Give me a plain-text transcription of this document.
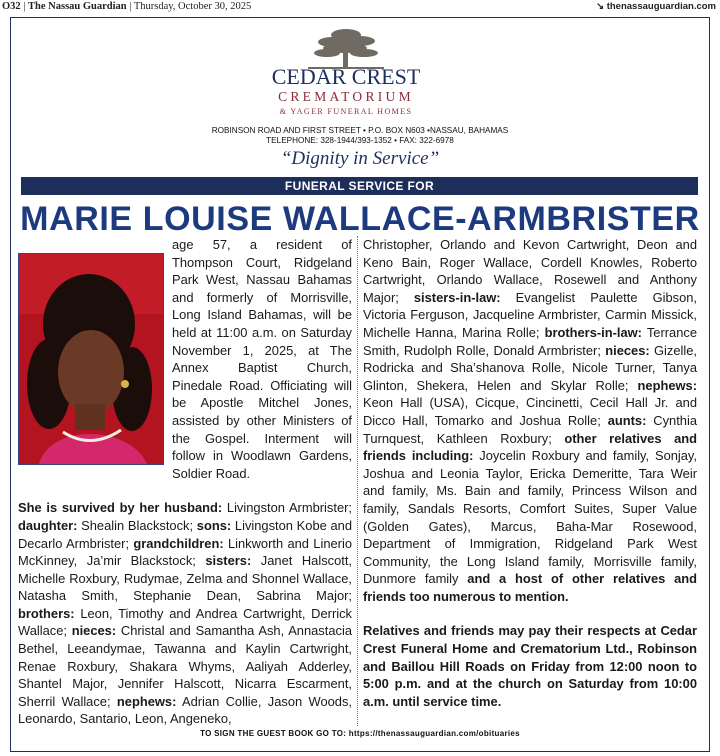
O32 | The Nassau Guardian | Thursday, October 30, 2025	↘ thenassauguardian.com
CEDAR CREST
CREMATORIUM
& YAGER FUNERAL HOMES
ROBINSON ROAD AND FIRST STREET • P.O. BOX N603 •NASSAU, BAHAMAS
TELEPHONE: 328-1944/393-1352 • FAX: 322-6978
“Dignity in Service”
FUNERAL SERVICE FOR
MARIE LOUISE WALLACE-ARMBRISTER

age 57, a resident of Thompson Court, Ridgeland Park West, Nassau Bahamas and formerly of Morrisville, Long Island Bahamas, will be held at 11:00 a.m. on Saturday November 1, 2025, at The Annex Baptist Church, Pinedale Road. Officiating will be Apostle Mitchel Jones, assisted by other Ministers of the Gospel. Interment will follow in Woodlawn Gardens, Soldier Road.

She is survived by her husband: Livingston Armbrister; daughter: Shealin Blackstock; sons: Livingston Kobe and Decarlo Armbrister; grandchildren: Linkworth and Linerio McKinney, Ja’mir Blackstock; sisters: Janet Halscott, Michelle Roxbury, Rudymae, Zelma and Shonnel Wallace, Natasha Smith, Stephanie Dean, Sabrina Major; brothers: Leon, Timothy and Andrea Cartwright, Derrick Wallace; nieces: Christal and Samantha Ash, Annastacia Bethel, Leeandymae, Tawanna and Kaylin Cartwright, Renae Roxbury, Shakara Whyms, Aaliyah Adderley, Shantel Major, Jennifer Halscott, Nicarra Escarment, Sherril Wallace; nephews: Adrian Collie, Jason Woods, Leonardo, Santario, Leon, Angeneko,

Christopher, Orlando and Kevon Cartwright, Deon and Keno Bain, Roger Wallace, Cordell Knowles, Roberto Cartwright, Orlando Wallace, Rosewell and Anthony Major; sisters-in-law: Evangelist Paulette Gibson, Victoria Ferguson, Jacqueline Armbrister, Carmin Missick, Michelle Hanna, Marina Rolle; brothers-in-law: Terrance Smith, Rudolph Rolle, Donald Armbrister; nieces: Gizelle, Rodricka and Sha’shanova Rolle, Nicole Turner, Tanya Glinton, Shekera, Helen and Skylar Rolle; nephews: Keon Hall (USA), Cicque, Cincinetti, Cecil Hall Jr. and Dicco Hall, Tomarko and Joshua Rolle; aunts: Cynthia Turnquest, Kathleen Roxbury; other relatives and friends including: Joycelin Roxbury and family, Sonjay, Joshua and Leonia Taylor, Ericka Demeritte, Tara Weir and family, Ms. Bain and family, Princess Wilson and family, Sandals Resorts, Comfort Suites, Super Value (Golden Gates), Marcus, Baha-Mar Rosewood, Department of Immigration, Ridgeland Park West Community, the Long Island family, Morrisville family, Dunmore family and a host of other relatives and friends too numerous to mention.

Relatives and friends may pay their respects at Cedar Crest Funeral Home and Crematorium Ltd., Robinson and Baillou Hill Roads on Friday from 12:00 noon to 5:00 p.m. and at the church on Saturday from 10:00 a.m. until service time.

TO SIGN THE GUEST BOOK GO TO: https://thenassauguardian.com/obituaries
